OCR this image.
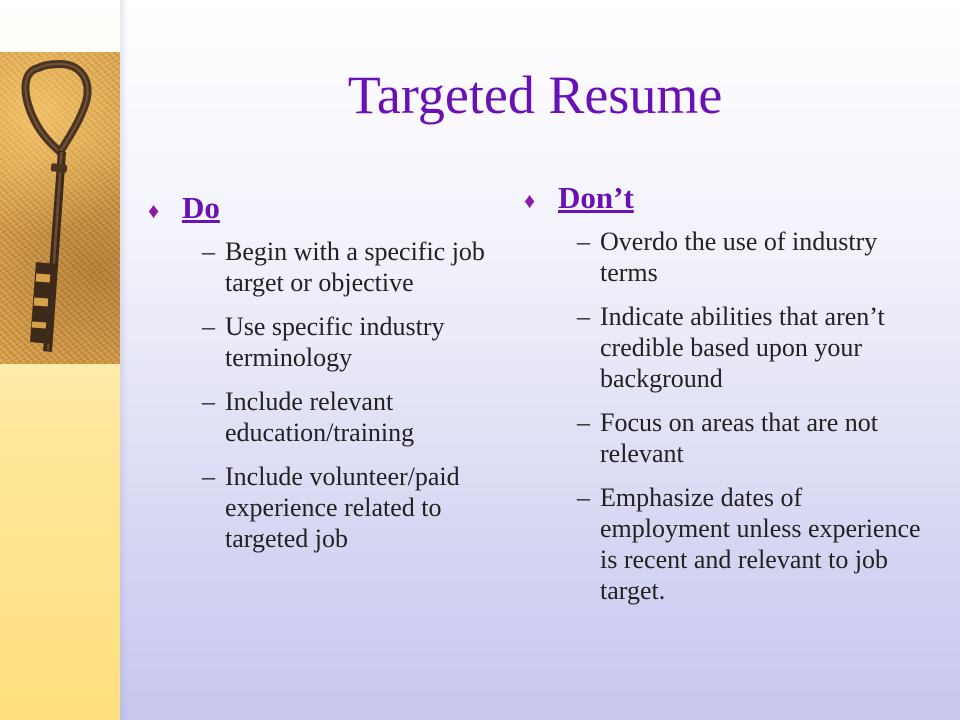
Targeted Resume
♦ Do
– Begin with a specific job target or objective
– Use specific industry terminology
– Include relevant education/training
– Include volunteer/paid experience related to targeted job
♦ Don’t
– Overdo the use of industry terms
– Indicate abilities that aren’t credible based upon your background
– Focus on areas that are not relevant
– Emphasize dates of employment unless experience is recent and relevant to job target.
